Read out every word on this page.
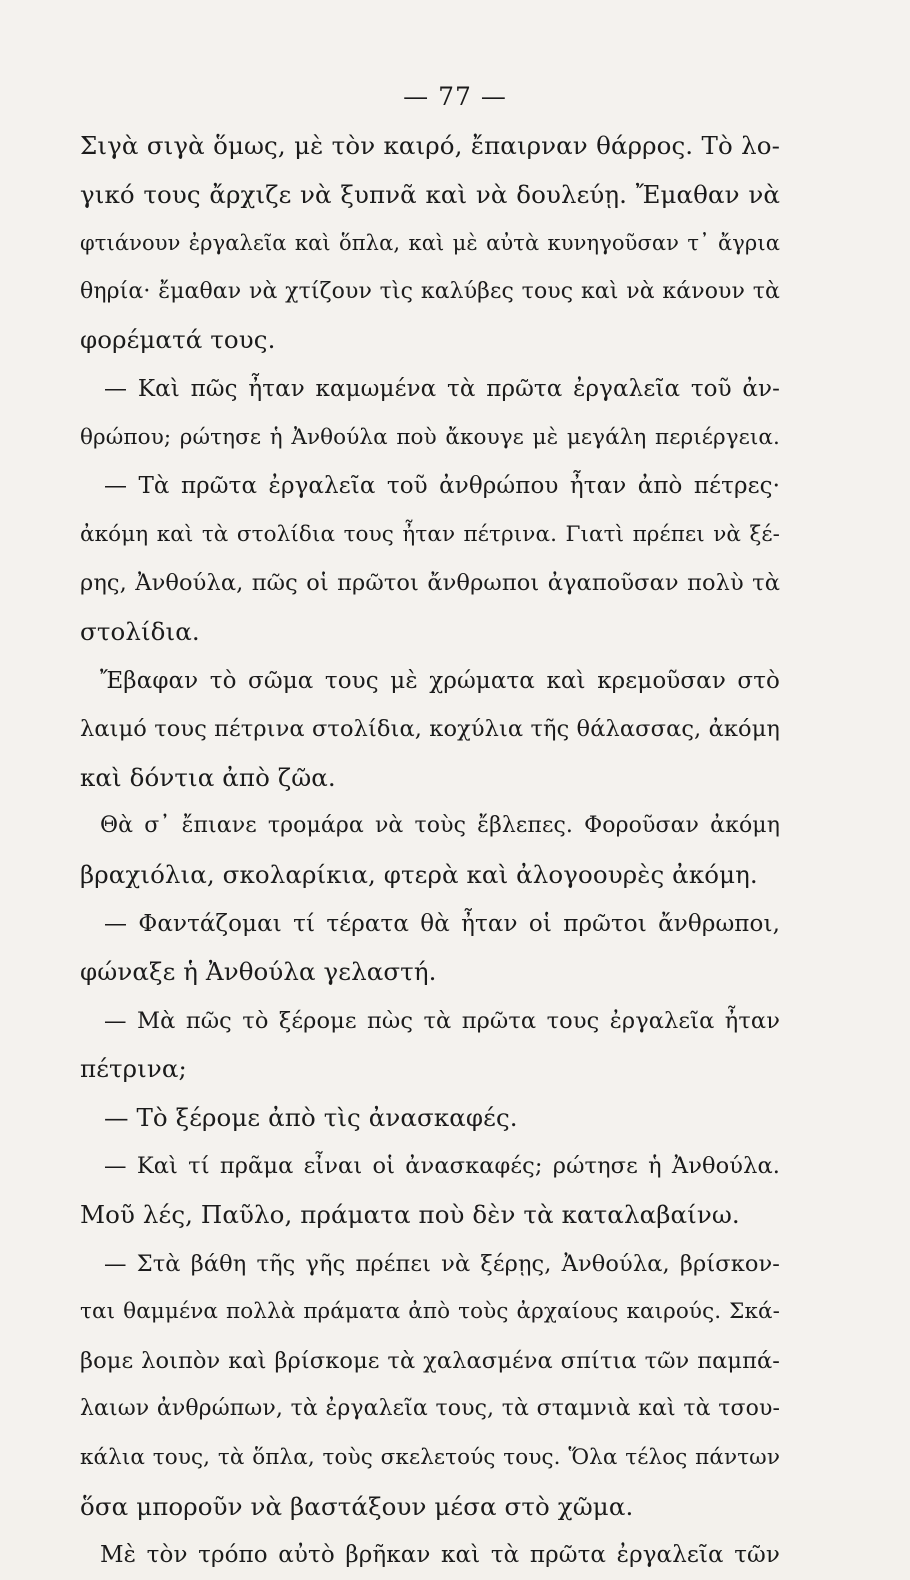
— 77 —
Σιγὰ σιγὰ ὅμως, μὲ τὸν καιρό, ἔπαιρναν θάρρος. Τὸ λο-
γικό τους ἄρχιζε νὰ ξυπνᾶ καὶ νὰ δουλεύῃ. Ἔμαθαν νὰ
φτιάνουν ἐργαλεῖα καὶ ὅπλα, καὶ μὲ αὐτὰ κυνηγοῦσαν τ᾽ ἄγρια
θηρία· ἔμαθαν νὰ χτίζουν τὶς καλύβες τους καὶ νὰ κάνουν τὰ
φορέματά τους.
— Καὶ πῶς ἦταν καμωμένα τὰ πρῶτα ἐργαλεῖα τοῦ ἀν-
θρώπου; ρώτησε ἡ Ἀνθούλα ποὺ ἄκουγε μὲ μεγάλη περιέργεια.
— Τὰ πρῶτα ἐργαλεῖα τοῦ ἀνθρώπου ἦταν ἀπὸ πέτρες·
ἀκόμη καὶ τὰ στολίδια τους ἦταν πέτρινα. Γιατὶ πρέπει νὰ ξέ-
ρης, Ἀνθούλα, πῶς οἱ πρῶτοι ἄνθρωποι ἀγαποῦσαν πολὺ τὰ
στολίδια.
Ἔβαφαν τὸ σῶμα τους μὲ χρώματα καὶ κρεμοῦσαν στὸ
λαιμό τους πέτρινα στολίδια, κοχύλια τῆς θάλασσας, ἀκόμη
καὶ δόντια ἀπὸ ζῶα.
Θὰ σ᾽ ἔπιανε τρομάρα νὰ τοὺς ἔβλεπες. Φοροῦσαν ἀκόμη
βραχιόλια, σκολαρίκια, φτερὰ καὶ ἀλογοουρὲς ἀκόμη.
— Φαντάζομαι τί τέρατα θὰ ἦταν οἱ πρῶτοι ἄνθρωποι,
φώναξε ἡ Ἀνθούλα γελαστή.
— Μὰ πῶς τὸ ξέρομε πὼς τὰ πρῶτα τους ἐργαλεῖα ἦταν
πέτρινα;
— Τὸ ξέρομε ἀπὸ τὶς ἀνασκαφές.
— Καὶ τί πρᾶμα εἶναι οἱ ἀνασκαφές; ρώτησε ἡ Ἀνθούλα.
Μοῦ λές, Παῦλο, πράματα ποὺ δὲν τὰ καταλαβαίνω.
— Στὰ βάθη τῆς γῆς πρέπει νὰ ξέρῃς, Ἀνθούλα, βρίσκον-
ται θαμμένα πολλὰ πράματα ἀπὸ τοὺς ἀρχαίους καιρούς. Σκά-
βομε λοιπὸν καὶ βρίσκομε τὰ χαλασμένα σπίτια τῶν παμπά-
λαιων ἀνθρώπων, τὰ ἐργαλεῖα τους, τὰ σταμνιὰ καὶ τὰ τσου-
κάλια τους, τὰ ὅπλα, τοὺς σκελετούς τους. Ὅλα τέλος πάντων
ὅσα μποροῦν νὰ βαστάξουν μέσα στὸ χῶμα.
Μὲ τὸν τρόπο αὐτὸ βρῆκαν καὶ τὰ πρῶτα ἐργαλεῖα τῶν
